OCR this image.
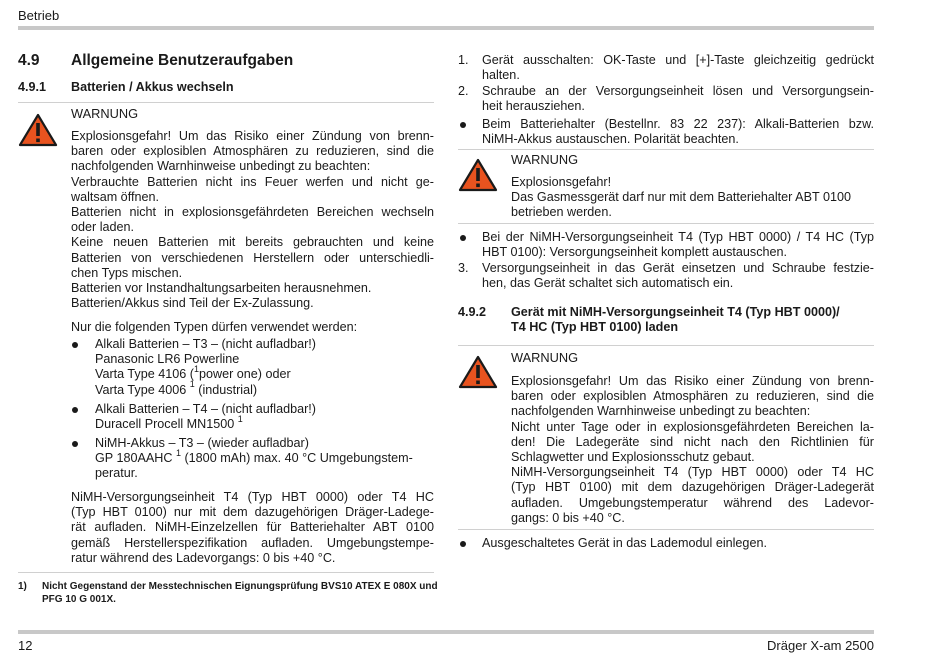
Betrieb
4.9 Allgemeine Benutzeraufgaben
4.9.1 Batterien / Akkus wechseln
WARNUNG
Explosionsgefahr! Um das Risiko einer Zündung von brenn-
baren oder explosiblen Atmosphären zu reduzieren, sind die
nachfolgenden Warnhinweise unbedingt zu beachten:
Verbrauchte Batterien nicht ins Feuer werfen und nicht ge-
waltsam öffnen.
Batterien nicht in explosionsgefährdeten Bereichen wechseln
oder laden.
Keine neuen Batterien mit bereits gebrauchten und keine
Batterien von verschiedenen Herstellern oder unterschiedli-
chen Typs mischen.
Batterien vor Instandhaltungsarbeiten herausnehmen.
Batterien/Akkus sind Teil der Ex-Zulassung.
Nur die folgenden Typen dürfen verwendet werden:
Alkali Batterien – T3 – (nicht aufladbar!)
Panasonic LR6 Powerline
Varta Type 4106 ($^1$power one) oder
Varta Type 4006 $^1$ (industrial)
Alkali Batterien – T4 – (nicht aufladbar!)
Duracell Procell MN1500 $^1$
NiMH-Akkus – T3 – (wieder aufladbar)
GP 180AAHC $^1$ (1800 mAh) max. 40 °C Umgebungstem-
peratur.
NiMH-Versorgungseinheit T4 (Typ HBT 0000) oder T4 HC
(Typ HBT 0100) nur mit dem dazugehörigen Dräger-Ladege-
rät aufladen. NiMH-Einzelzellen für Batteriehalter ABT 0100
gemäß Herstellerspezifikation aufladen. Umgebungstempe-
ratur während des Ladevorgangs: 0 bis +40 °C.
1) Nicht Gegenstand der Messtechnischen Eignungsprüfung BVS10 ATEX E 080X und
PFG 10 G 001X.
1. Gerät ausschalten: OK-Taste und [+]-Taste gleichzeitig gedrückt
halten.
2. Schraube an der Versorgungseinheit lösen und Versorgungsein-
heit herausziehen.
Beim Batteriehalter (Bestellnr. 83 22 237): Alkali-Batterien bzw.
NiMH-Akkus austauschen. Polarität beachten.
WARNUNG
Explosionsgefahr!
Das Gasmessgerät darf nur mit dem Batteriehalter ABT 0100
betrieben werden.
Bei der NiMH-Versorgungseinheit T4 (Typ HBT 0000) / T4 HC (Typ
HBT 0100): Versorgungseinheit komplett austauschen.
3. Versorgungseinheit in das Gerät einsetzen und Schraube festzie-
hen, das Gerät schaltet sich automatisch ein.
4.9.2 Gerät mit NiMH-Versorgungseinheit T4 (Typ HBT 0000)/
T4 HC (Typ HBT 0100) laden
WARNUNG
Explosionsgefahr! Um das Risiko einer Zündung von brenn-
baren oder explosiblen Atmosphären zu reduzieren, sind die
nachfolgenden Warnhinweise unbedingt zu beachten:
Nicht unter Tage oder in explosionsgefährdeten Bereichen la-
den! Die Ladegeräte sind nicht nach den Richtlinien für
Schlagwetter und Explosionsschutz gebaut.
NiMH-Versorgungseinheit T4 (Typ HBT 0000) oder T4 HC
(Typ HBT 0100) mit dem dazugehörigen Dräger-Ladegerät
aufladen. Umgebungstemperatur während des Ladevor-
gangs: 0 bis +40 °C.
Ausgeschaltetes Gerät in das Lademodul einlegen.
12	Dräger X-am 2500
